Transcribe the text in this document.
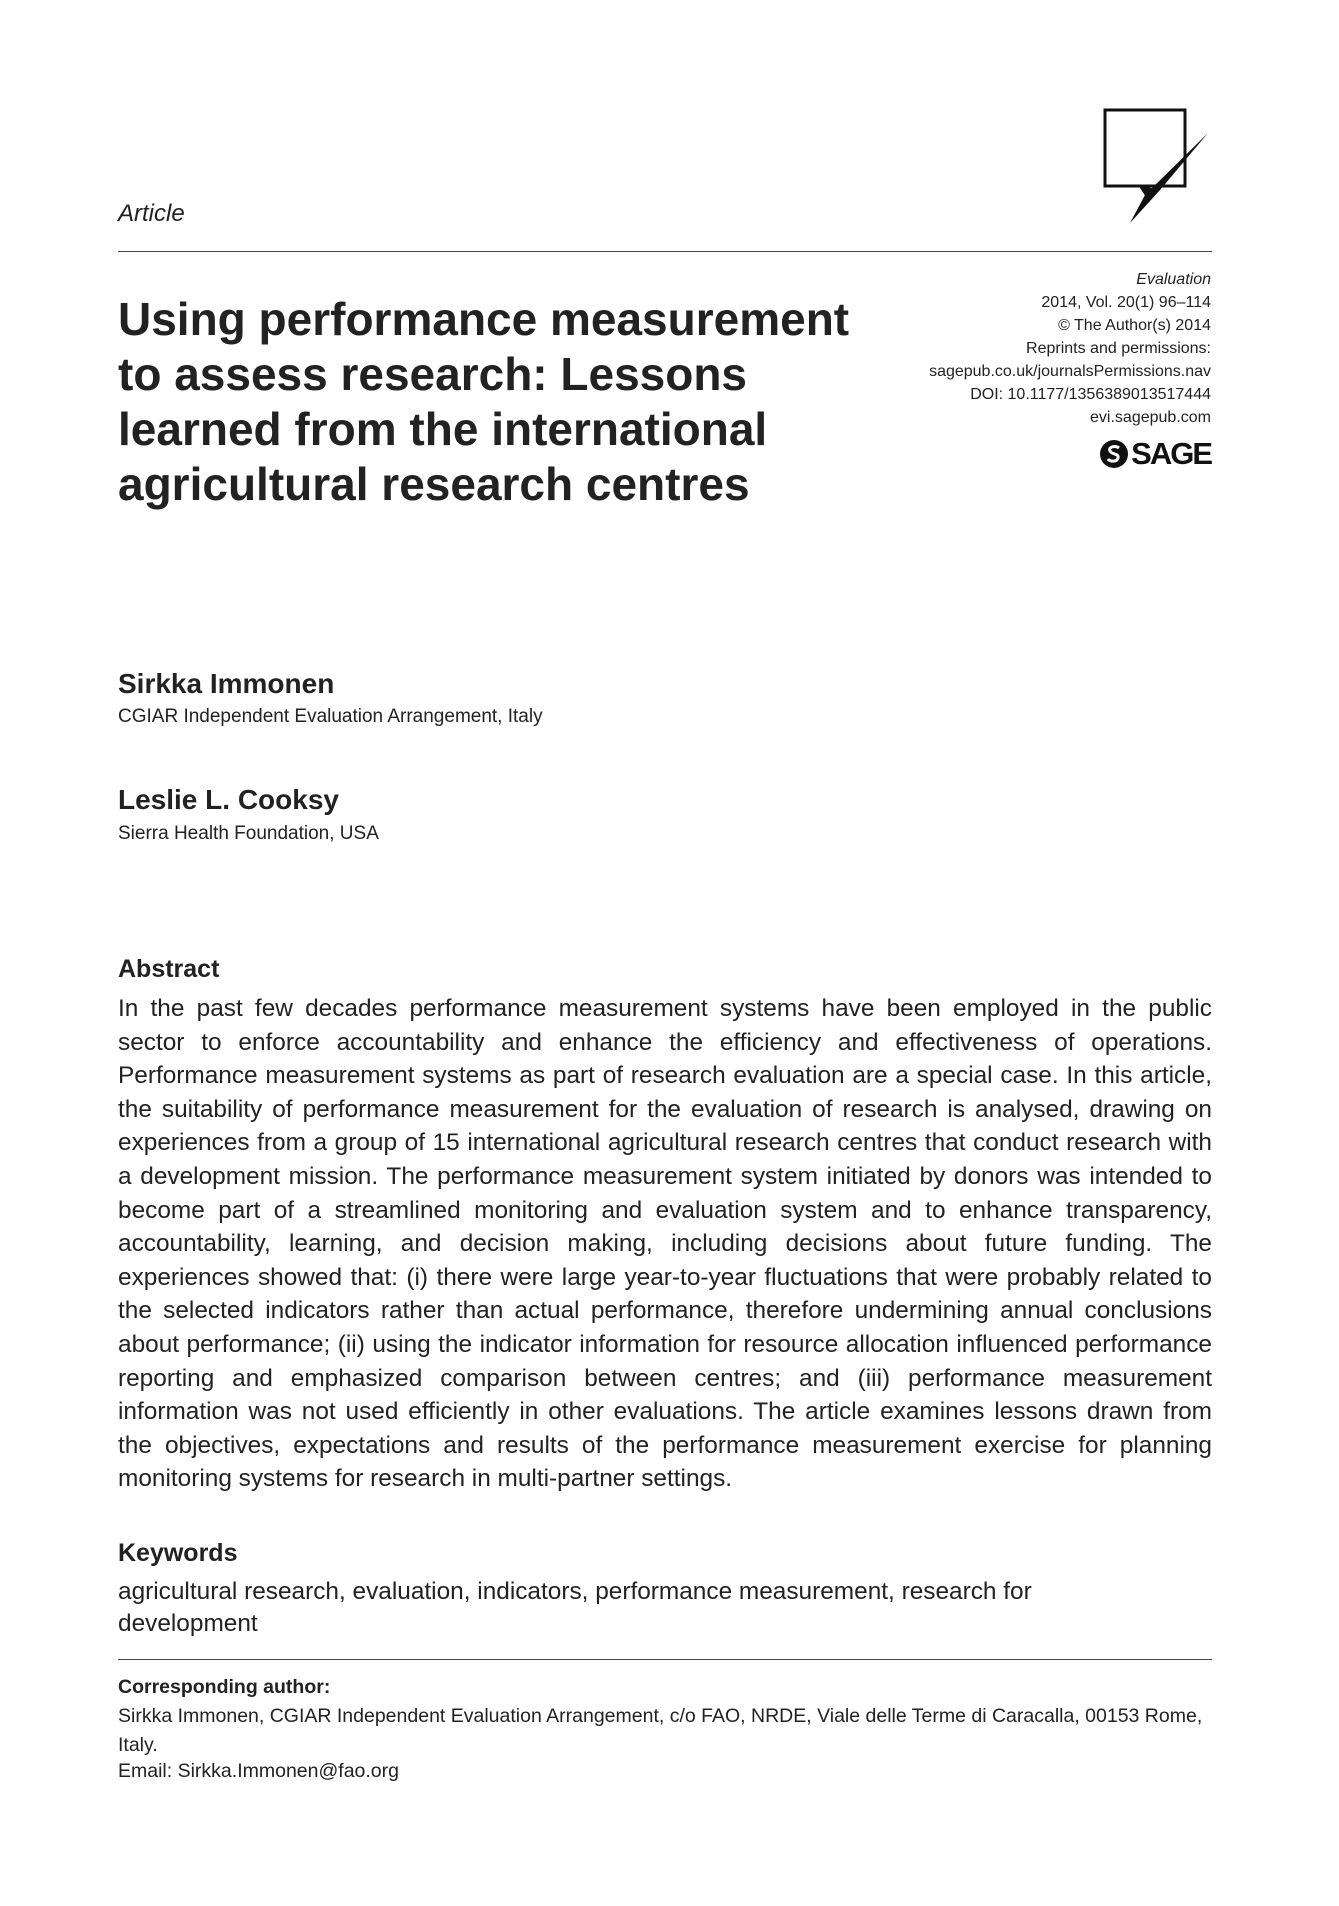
Article
Using performance measurement to assess research: Lessons learned from the international agricultural research centres
Evaluation
2014, Vol. 20(1) 96–114
© The Author(s) 2014
Reprints and permissions:
sagepub.co.uk/journalsPermissions.nav
DOI: 10.1177/1356389013517444
evi.sagepub.com
SAGE
Sirkka Immonen
CGIAR Independent Evaluation Arrangement, Italy
Leslie L. Cooksy
Sierra Health Foundation, USA
Abstract

In the past few decades performance measurement systems have been employed in the public sector to enforce accountability and enhance the efficiency and effectiveness of operations. Performance measurement systems as part of research evaluation are a special case. In this article, the suitability of performance measurement for the evaluation of research is analysed, drawing on experiences from a group of 15 international agricultural research centres that conduct research with a development mission. The performance measurement system initiated by donors was intended to become part of a streamlined monitoring and evaluation system and to enhance transparency, accountability, learning, and decision making, including decisions about future funding. The experiences showed that: (i) there were large year-to-year fluctuations that were probably related to the selected indicators rather than actual performance, therefore undermining annual conclusions about performance; (ii) using the indicator information for resource allocation influenced performance reporting and emphasized comparison between centres; and (iii) performance measurement information was not used efficiently in other evaluations. The article examines lessons drawn from the objectives, expectations and results of the performance measurement exercise for planning monitoring systems for research in multi-partner settings.

Keywords

agricultural research, evaluation, indicators, performance measurement, research for development

Corresponding author:

Sirkka Immonen, CGIAR Independent Evaluation Arrangement, c/o FAO, NRDE, Viale delle Terme di Caracalla, 00153 Rome, Italy.

Email: Sirkka.Immonen@fao.org
